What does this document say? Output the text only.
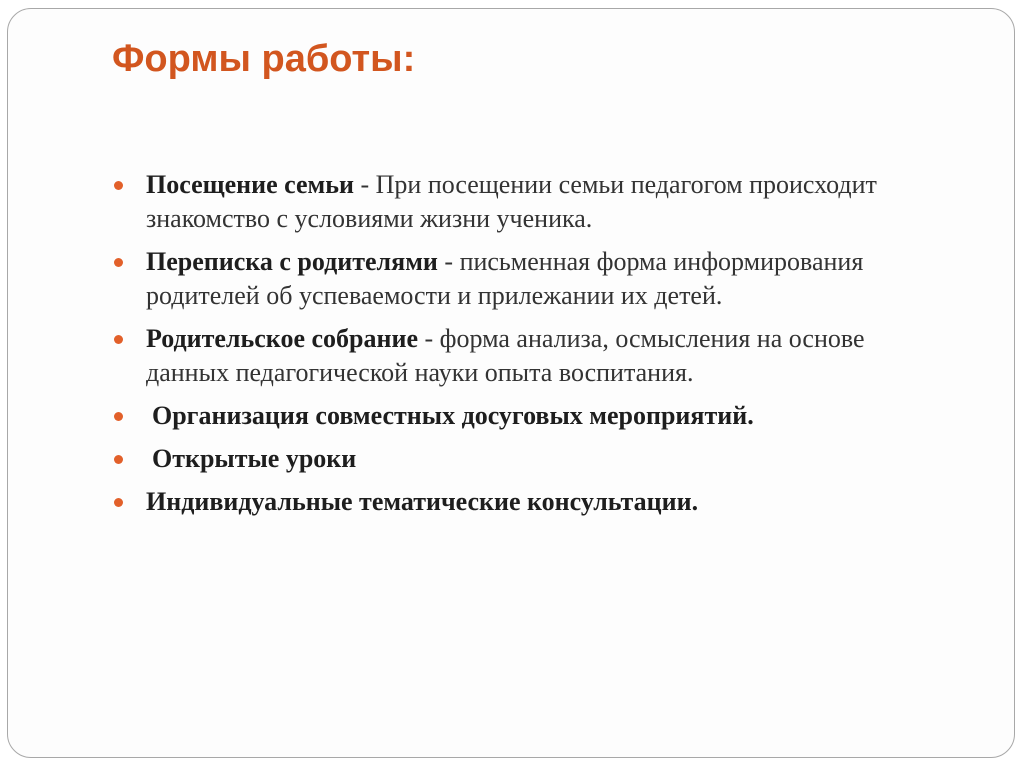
Формы работы:
Посещение семьи - При посещении семьи педагогом происходит знакомство с условиями жизни ученика.
Переписка с родителями - письменная форма информирования родителей об успеваемости и прилежании их детей.
Родительское собрание - форма анализа, осмысления на основе данных педагогической науки опыта воспитания.
Организация совместных досуговых мероприятий.
Открытые уроки
Индивидуальные тематические консультации.
